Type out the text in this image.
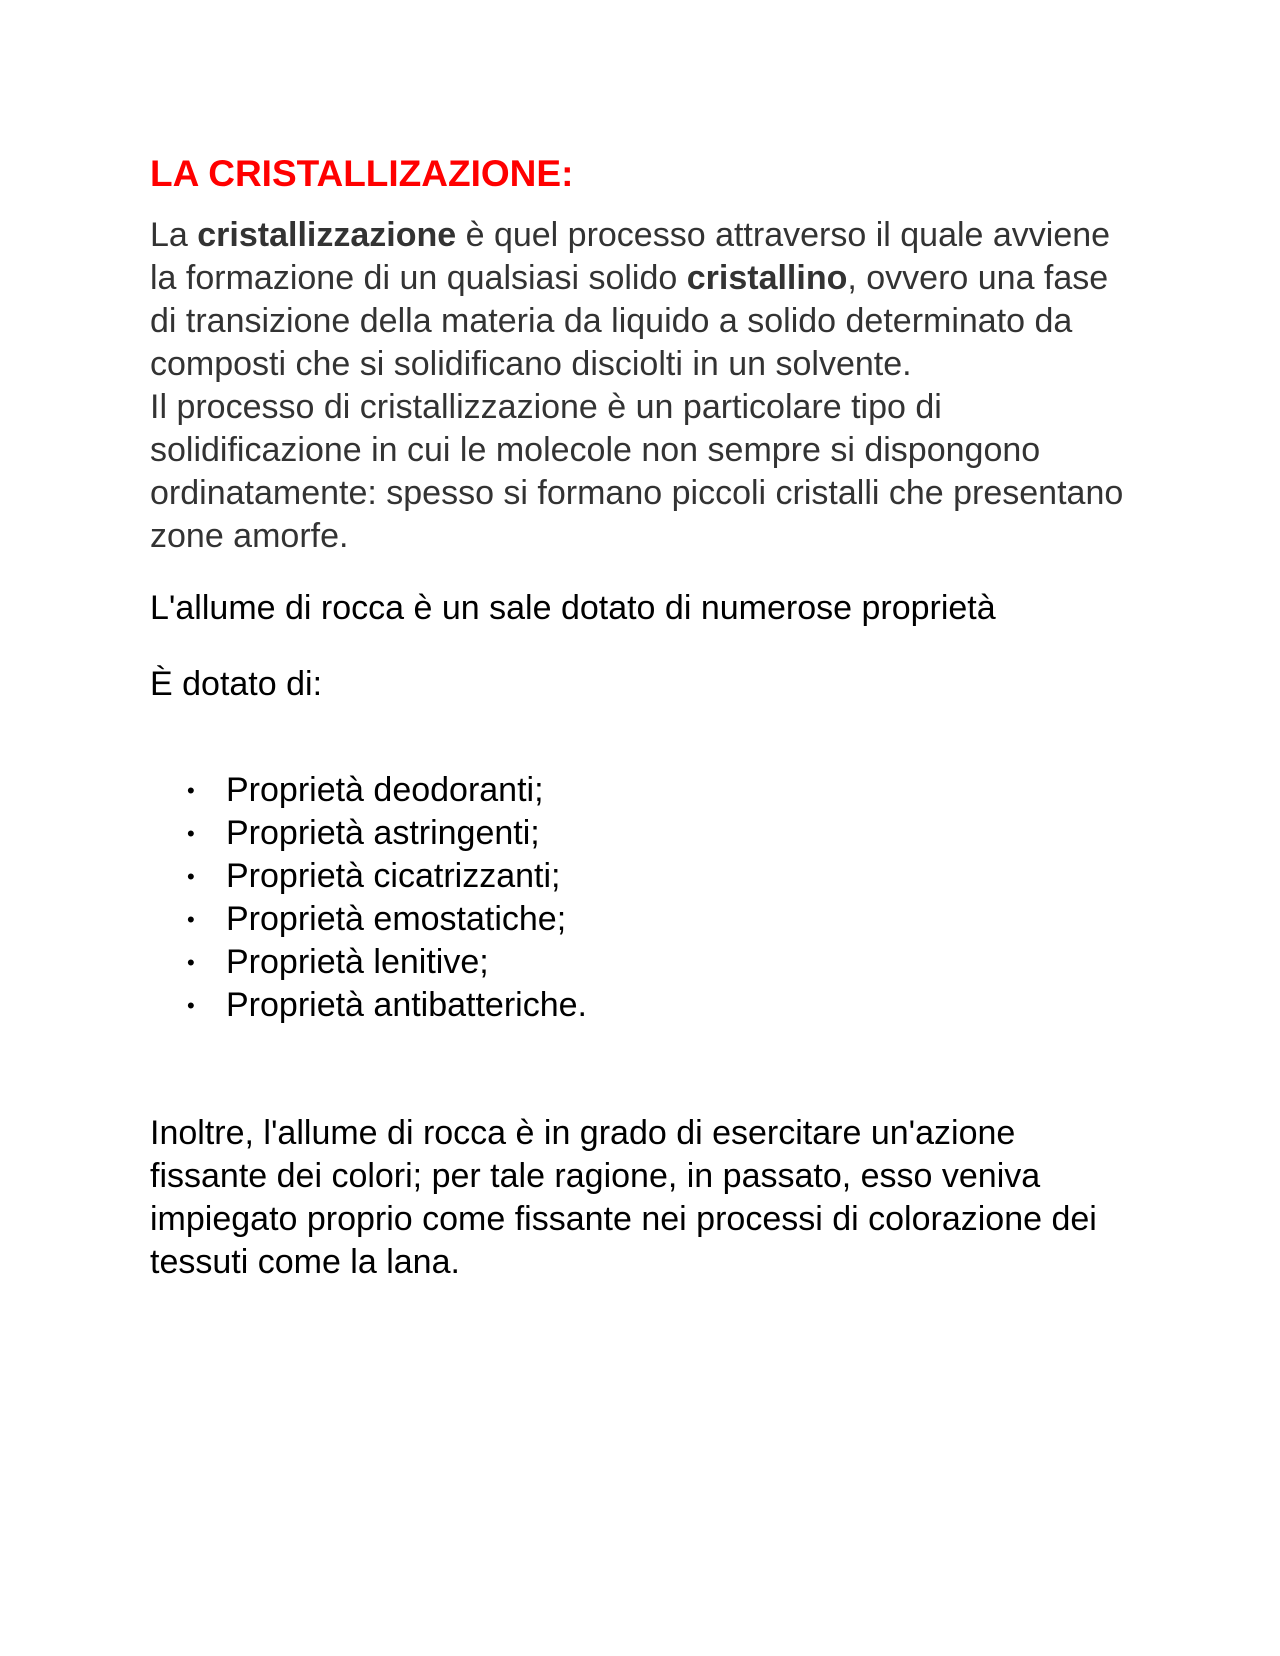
LA CRISTALLIZAZIONE:

La cristallizzazione è quel processo attraverso il quale avviene la formazione di un qualsiasi solido cristallino, ovvero una fase di transizione della materia da liquido a solido determinato da composti che si solidificano disciolti in un solvente.

Il processo di cristallizzazione è un particolare tipo di solidificazione in cui le molecole non sempre si dispongono ordinatamente: spesso si formano piccoli cristalli che presentano zone amorfe.

L'allume di rocca è un sale dotato di numerose proprietà

È dotato di:

• Proprietà deodoranti;
• Proprietà astringenti;
• Proprietà cicatrizzanti;
• Proprietà emostatiche;
• Proprietà lenitive;
• Proprietà antibatteriche.

Inoltre, l'allume di rocca è in grado di esercitare un'azione fissante dei colori; per tale ragione, in passato, esso veniva impiegato proprio come fissante nei processi di colorazione dei tessuti come la lana.
